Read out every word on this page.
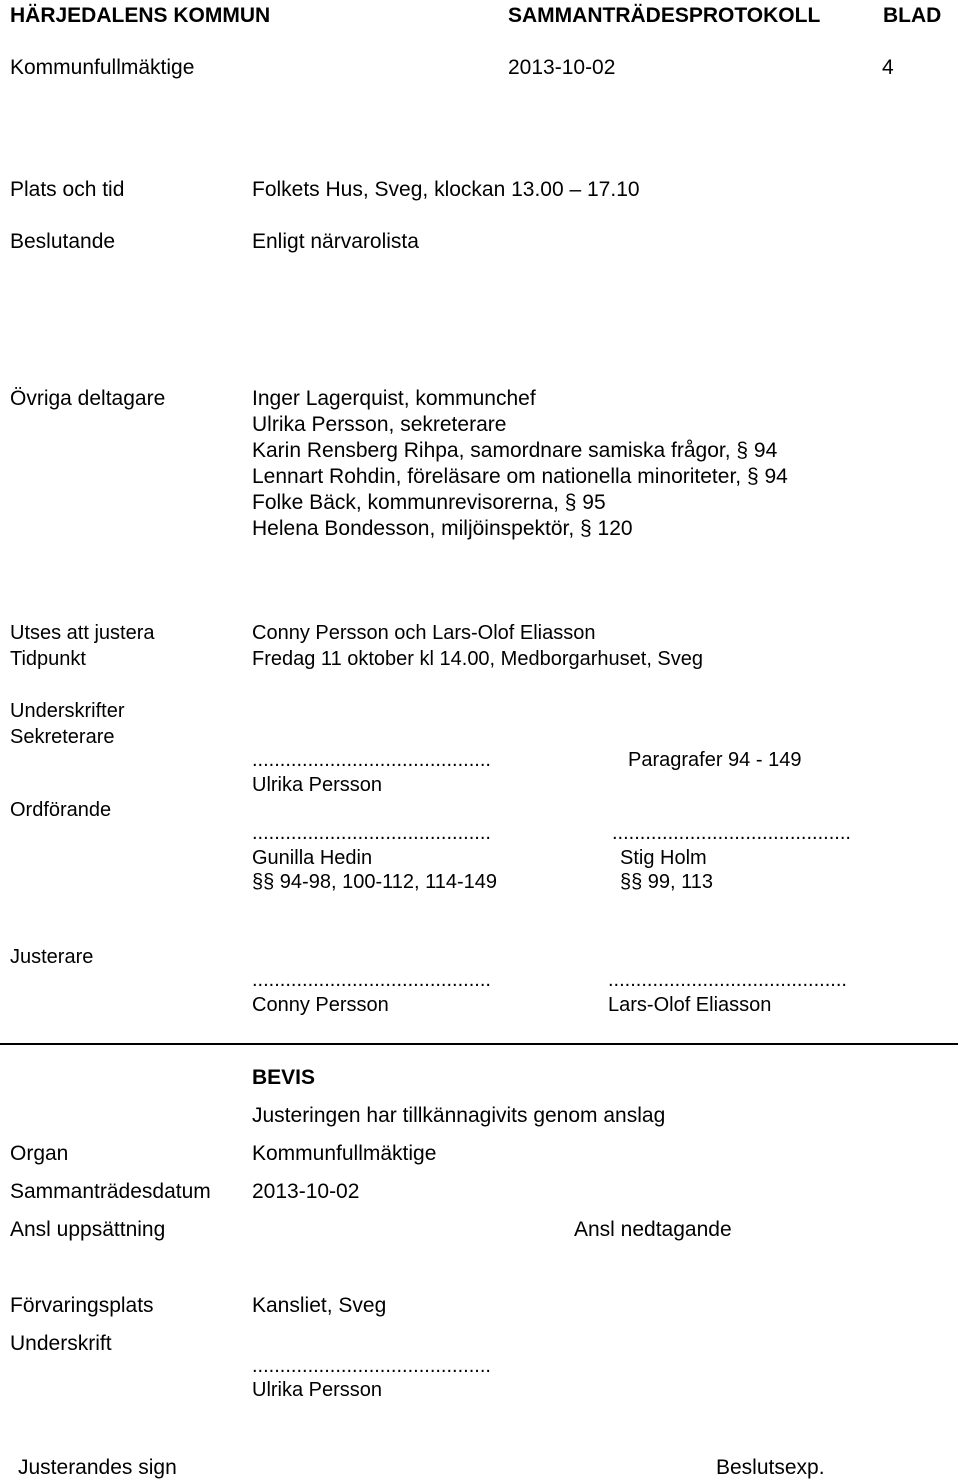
HÄRJEDALENS KOMMUN	SAMMANTRÄDESPROTOKOLL	BLAD
Kommunfullmäktige	2013-10-02	4
Plats och tid	Folkets Hus, Sveg, klockan 13.00 – 17.10
Beslutande	Enligt närvarolista
Övriga deltagare	Inger Lagerquist, kommunchef
Ulrika Persson, sekreterare
Karin Rensberg Rihpa, samordnare samiska frågor, § 94
Lennart Rohdin, föreläsare om nationella minoriteter, § 94
Folke Bäck, kommunrevisorerna, § 95
Helena Bondesson, miljöinspektör, § 120
Utses att justera	Conny Persson och Lars-Olof Eliasson
Tidpunkt	Fredag 11 oktober kl 14.00, Medborgarhuset, Sveg
Underskrifter
Sekreterare
...........................................	Paragrafer 94 - 149
Ulrika Persson
Ordförande
...........................................	...........................................
Gunilla Hedin	Stig Holm
§§ 94-98, 100-112, 114-149	§§ 99, 113
Justerare
...........................................	...........................................
Conny Persson	Lars-Olof Eliasson
BEVIS
Justeringen har tillkännagivits genom anslag
Organ	Kommunfullmäktige
Sammanträdesdatum 2013-10-02
Ansl uppsättning	Ansl nedtagande
Förvaringsplats	Kansliet, Sveg
Underskrift
...........................................
Ulrika Persson
Justerandes sign	Beslutsexp.
